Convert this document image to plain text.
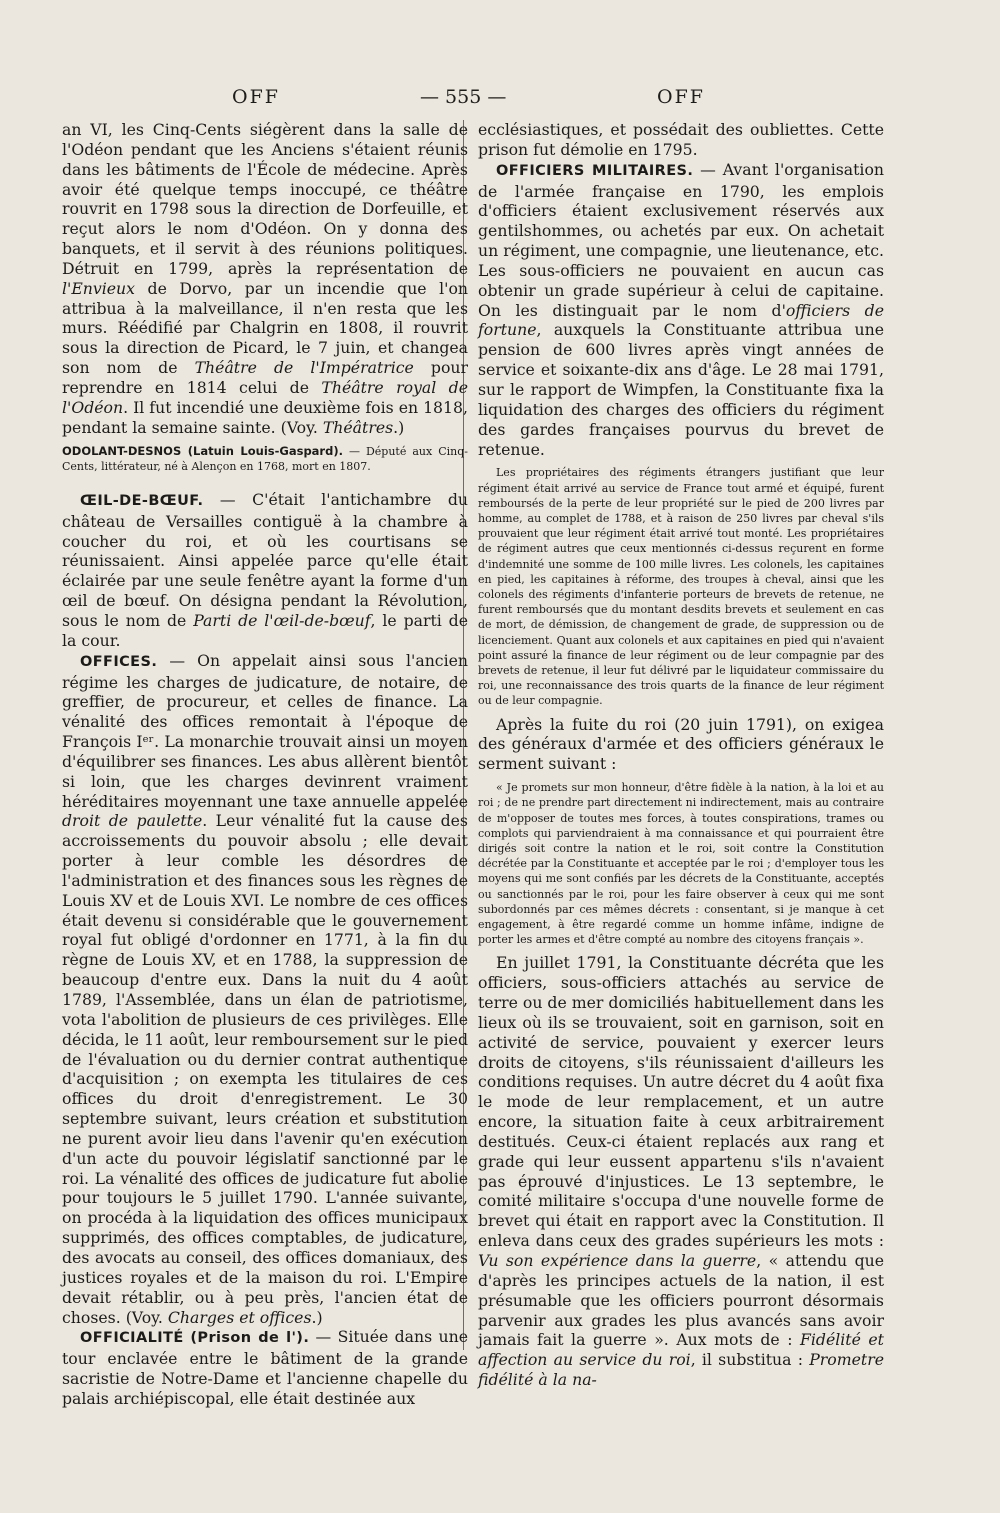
OFF	— 555 —	OFF

an VI, les Cinq-Cents siégèrent dans la salle de l'Odéon pendant que les Anciens s'étaient réunis dans les bâtiments de l'École de médecine. Après avoir été quelque temps inoccupé, ce théâtre rouvrit en 1798 sous la direction de Dorfeuille, et reçut alors le nom d'Odéon. On y donna des banquets, et il servit à des réunions politiques. Détruit en 1799, après la représentation de l'Envieux de Dorvo, par un incendie que l'on attribua à la malveillance, il n'en resta que les murs. Réédifié par Chalgrin en 1808, il rouvrit sous la direction de Picard, le 7 juin, et changea son nom de Théâtre de l'Impératrice pour reprendre en 1814 celui de Théâtre royal de l'Odéon. Il fut incendié une deuxième fois en 1818, pendant la semaine sainte. (Voy. Théâtres.)

ODOLANT-DESNOS (Latuin Louis-Gaspard). — Député aux Cinq-Cents, littérateur, né à Alençon en 1768, mort en 1807.

ŒIL-DE-BŒUF. — C'était l'antichambre du château de Versailles contiguë à la chambre à coucher du roi, et où les courtisans se réunissaient. Ainsi appelée parce qu'elle était éclairée par une seule fenêtre ayant la forme d'un œil de bœuf. On désigna pendant la Révolution, sous le nom de Parti de l'œil-de-bœuf, le parti de la cour.

OFFICES. — On appelait ainsi sous l'ancien régime les charges de judicature, de notaire, de greffier, de procureur, et celles de finance. La vénalité des offices remontait à l'époque de François Iᵉʳ. La monarchie trouvait ainsi un moyen d'équilibrer ses finances. Les abus allèrent bientôt si loin, que les charges devinrent vraiment héréditaires moyennant une taxe annuelle appelée droit de paulette. Leur vénalité fut la cause des accroissements du pouvoir absolu ; elle devait porter à leur comble les désordres de l'administration et des finances sous les règnes de Louis XV et de Louis XVI. Le nombre de ces offices était devenu si considérable que le gouvernement royal fut obligé d'ordonner en 1771, à la fin du règne de Louis XV, et en 1788, la suppression de beaucoup d'entre eux. Dans la nuit du 4 août 1789, l'Assemblée, dans un élan de patriotisme, vota l'abolition de plusieurs de ces privilèges. Elle décida, le 11 août, leur remboursement sur le pied de l'évaluation ou du dernier contrat authentique d'acquisition ; on exempta les titulaires de ces offices du droit d'enregistrement. Le 30 septembre suivant, leurs création et substitution ne purent avoir lieu dans l'avenir qu'en exécution d'un acte du pouvoir législatif sanctionné par le roi. La vénalité des offices de judicature fut abolie pour toujours le 5 juillet 1790. L'année suivante, on procéda à la liquidation des offices municipaux supprimés, des offices comptables, de judicature, des avocats au conseil, des offices domaniaux, des justices royales et de la maison du roi. L'Empire devait rétablir, ou à peu près, l'ancien état de choses. (Voy. Charges et offices.)

OFFICIALITÉ (Prison de l'). — Située dans une tour enclavée entre le bâtiment de la grande sacristie de Notre-Dame et l'ancienne chapelle du palais archiépiscopal, elle était destinée aux

ecclésiastiques, et possédait des oubliettes. Cette prison fut démolie en 1795.

OFFICIERS MILITAIRES. — Avant l'organisation de l'armée française en 1790, les emplois d'officiers étaient exclusivement réservés aux gentilshommes, ou achetés par eux. On achetait un régiment, une compagnie, une lieutenance, etc. Les sous-officiers ne pouvaient en aucun cas obtenir un grade supérieur à celui de capitaine. On les distinguait par le nom d'officiers de fortune, auxquels la Constituante attribua une pension de 600 livres après vingt années de service et soixante-dix ans d'âge. Le 28 mai 1791, sur le rapport de Wimpfen, la Constituante fixa la liquidation des charges des officiers du régiment des gardes françaises pourvus du brevet de retenue.

Les propriétaires des régiments étrangers justifiant que leur régiment était arrivé au service de France tout armé et équipé, furent remboursés de la perte de leur propriété sur le pied de 200 livres par homme, au complet de 1788, et à raison de 250 livres par cheval s'ils prouvaient que leur régiment était arrivé tout monté. Les propriétaires de régiment autres que ceux mentionnés ci-dessus reçurent en forme d'indemnité une somme de 100 mille livres. Les colonels, les capitaines en pied, les capitaines à réforme, des troupes à cheval, ainsi que les colonels des régiments d'infanterie porteurs de brevets de retenue, ne furent remboursés que du montant desdits brevets et seulement en cas de mort, de démission, de changement de grade, de suppression ou de licenciement. Quant aux colonels et aux capitaines en pied qui n'avaient point assuré la finance de leur régiment ou de leur compagnie par des brevets de retenue, il leur fut délivré par le liquidateur commissaire du roi, une reconnaissance des trois quarts de la finance de leur régiment ou de leur compagnie.

Après la fuite du roi (20 juin 1791), on exigea des généraux d'armée et des officiers généraux le serment suivant :

« Je promets sur mon honneur, d'être fidèle à la nation, à la loi et au roi ; de ne prendre part directement ni indirectement, mais au contraire de m'opposer de toutes mes forces, à toutes conspirations, trames ou complots qui parviendraient à ma connaissance et qui pourraient être dirigés soit contre la nation et le roi, soit contre la Constitution décrétée par la Constituante et acceptée par le roi ; d'employer tous les moyens qui me sont confiés par les décrets de la Constituante, acceptés ou sanctionnés par le roi, pour les faire observer à ceux qui me sont subordonnés par ces mêmes décrets : consentant, si je manque à cet engagement, à être regardé comme un homme infâme, indigne de porter les armes et d'être compté au nombre des citoyens français ».

En juillet 1791, la Constituante décréta que les officiers, sous-officiers attachés au service de terre ou de mer domiciliés habituellement dans les lieux où ils se trouvaient, soit en garnison, soit en activité de service, pouvaient y exercer leurs droits de citoyens, s'ils réunissaient d'ailleurs les conditions requises. Un autre décret du 4 août fixa le mode de leur remplacement, et un autre encore, la situation faite à ceux arbitrairement destitués. Ceux-ci étaient replacés aux rang et grade qui leur eussent appartenu s'ils n'avaient pas éprouvé d'injustices. Le 13 septembre, le comité militaire s'occupa d'une nouvelle forme de brevet qui était en rapport avec la Constitution. Il enleva dans ceux des grades supérieurs les mots : Vu son expérience dans la guerre, « attendu que d'après les principes actuels de la nation, il est présumable que les officiers pourront désormais parvenir aux grades les plus avancés sans avoir jamais fait la guerre ». Aux mots de : Fidélité et affection au service du roi, il substitua : Prometre fidélité à la na-
